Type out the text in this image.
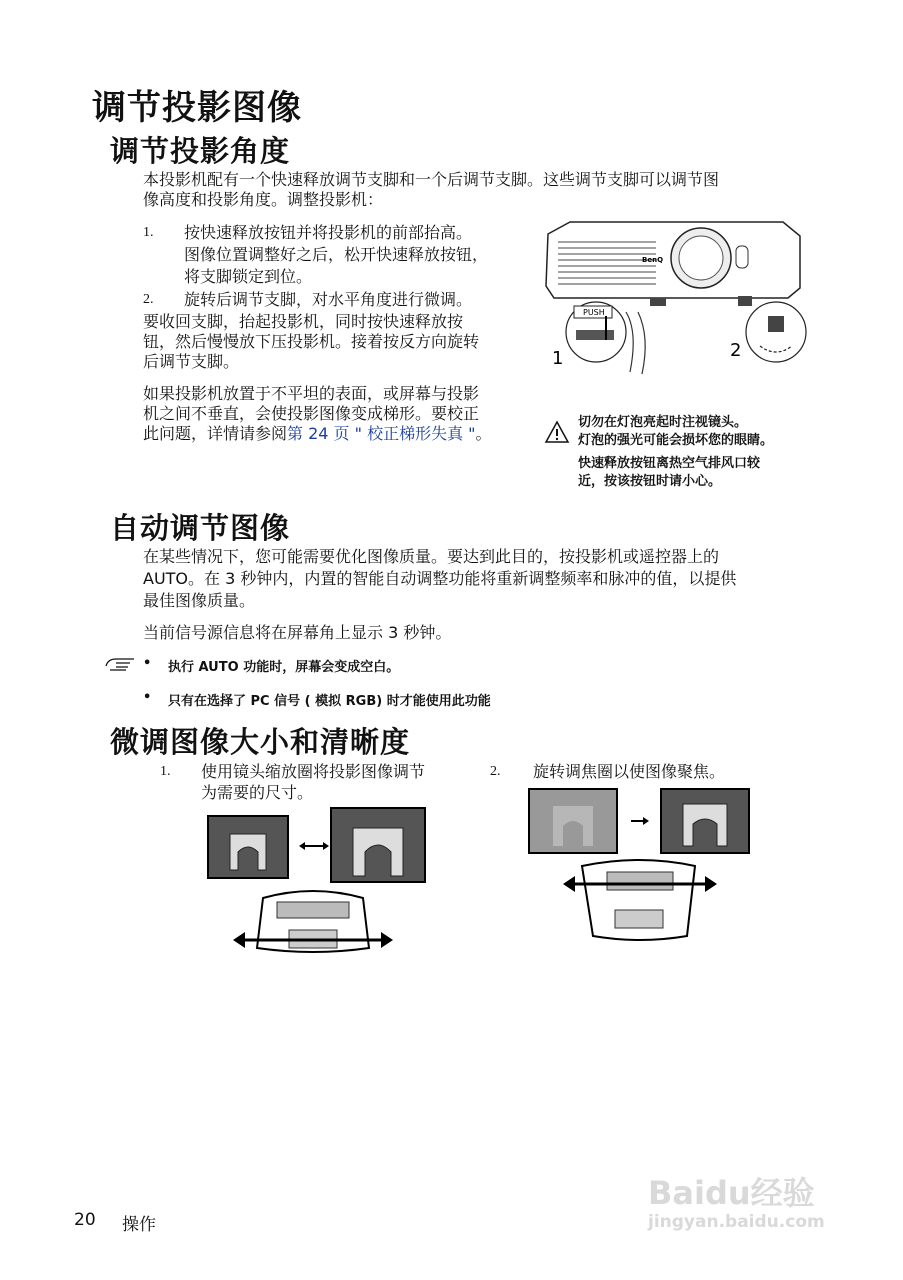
调节投影图像
调节投影角度
本投影机配有一个快速释放调节支脚和一个后调节支脚。这些调节支脚可以调节图
像高度和投影角度。调整投影机：
1. 按快速释放按钮并将投影机的前部抬高。
图像位置调整好之后，松开快速释放按钮，
将支脚锁定到位。
2. 旋转后调节支脚，对水平角度进行微调。
要收回支脚，抬起投影机，同时按快速释放按
钮，然后慢慢放下压投影机。接着按反方向旋转
后调节支脚。
如果投影机放置于不平坦的表面，或屏幕与投影
机之间不垂直，会使投影图像变成梯形。要校正
此问题，详情请参阅第 24 页 " 校正梯形失真 "。
BenQ
PUSH
1	2
切勿在灯泡亮起时注视镜头。
灯泡的强光可能会损坏您的眼睛。
快速释放按钮离热空气排风口较
近，按该按钮时请小心。
自动调节图像
在某些情况下，您可能需要优化图像质量。要达到此目的，按投影机或遥控器上的
AUTO。在 3 秒钟内，内置的智能自动调整功能将重新调整频率和脉冲的值，以提供
最佳图像质量。
当前信号源信息将在屏幕角上显示 3 秒钟。
• 执行 AUTO 功能时，屏幕会变成空白。
• 只有在选择了 PC 信号 ( 模拟 RGB) 时才能使用此功能
微调图像大小和清晰度
1. 使用镜头缩放圈将投影图像调节
为需要的尺寸。
2. 旋转调焦圈以使图像聚焦。
20 操作
Baidu经验
jingyan.baidu.com
